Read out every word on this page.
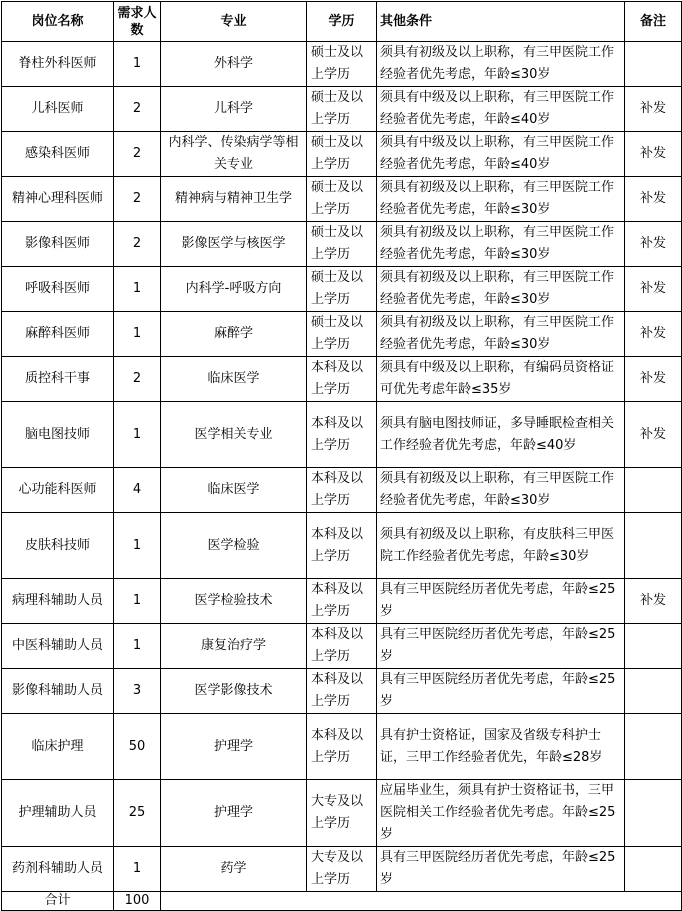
岗位名称	需求人数	专业	学历	其他条件	备注
脊柱外科医师	1	外科学	硕士及以上学历	须具有初级及以上职称，有三甲医院工作经验者优先考虑，年龄≤30岁	
儿科医师	2	儿科学	硕士及以上学历	须具有中级及以上职称，有三甲医院工作经验者优先考虑，年龄≤40岁	补发
感染科医师	2	内科学、传染病学等相关专业	硕士及以上学历	须具有中级及以上职称，有三甲医院工作经验者优先考虑，年龄≤40岁	补发
精神心理科医师	2	精神病与精神卫生学	硕士及以上学历	须具有初级及以上职称，有三甲医院工作经验者优先考虑，年龄≤30岁	补发
影像科医师	2	影像医学与核医学	硕士及以上学历	须具有初级及以上职称，有三甲医院工作经验者优先考虑，年龄≤30岁	补发
呼吸科医师	1	内科学-呼吸方向	硕士及以上学历	须具有初级及以上职称，有三甲医院工作经验者优先考虑，年龄≤30岁	补发
麻醉科医师	1	麻醉学	硕士及以上学历	须具有初级及以上职称，有三甲医院工作经验者优先考虑，年龄≤30岁	补发
质控科干事	2	临床医学	本科及以上学历	须具有中级及以上职称，有编码员资格证可优先考虑年龄≤35岁	补发
脑电图技师	1	医学相关专业	本科及以上学历	须具有脑电图技师证，多导睡眠检查相关工作经验者优先考虑，年龄≤40岁	补发
心功能科医师	4	临床医学	本科及以上学历	须具有初级及以上职称，有三甲医院工作经验者优先考虑，年龄≤30岁	
皮肤科技师	1	医学检验	本科及以上学历	须具有初级及以上职称，有皮肤科三甲医院工作经验者优先考虑，年龄≤30岁	
病理科辅助人员	1	医学检验技术	本科及以上学历	具有三甲医院经历者优先考虑，年龄≤25岁	补发
中医科辅助人员	1	康复治疗学	本科及以上学历	具有三甲医院经历者优先考虑，年龄≤25岁	
影像科辅助人员	3	医学影像技术	本科及以上学历	具有三甲医院经历者优先考虑，年龄≤25岁	
临床护理	50	护理学	本科及以上学历	具有护士资格证，国家及省级专科护士证，三甲工作经验者优先，年龄≤28岁	
护理辅助人员	25	护理学	大专及以上学历	应届毕业生，须具有护士资格证书，三甲医院相关工作经验者优先考虑。年龄≤25岁	
药剂科辅助人员	1	药学	大专及以上学历	具有三甲医院经历者优先考虑，年龄≤25岁	
合计	100				
